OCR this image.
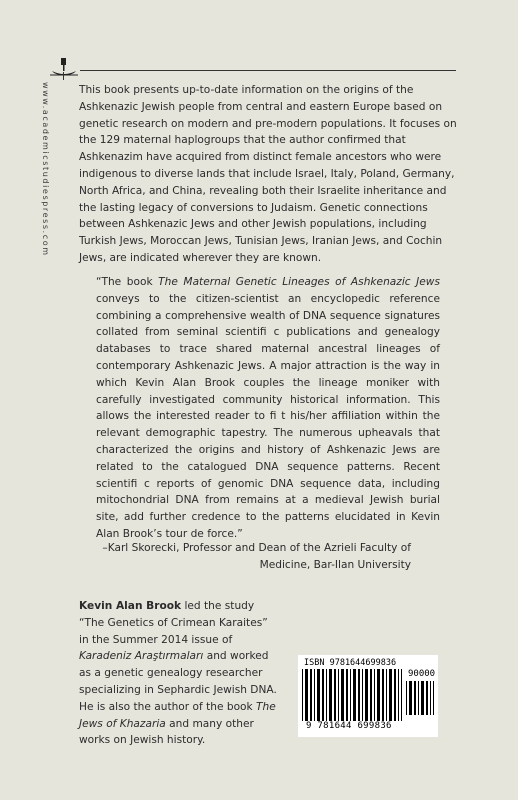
www.academicstudiespress.com	This book presents up-to-date information on the origins of the Ashkenazic Jewish people from central and eastern Europe based on genetic research on modern and pre-modern populations. It focuses on the 129 maternal haplogroups that the author confirmed that Ashkenazim have acquired from distinct female ancestors who were indigenous to diverse lands that include Israel, Italy, Poland, Germany, North Africa, and China, revealing both their Israelite inheritance and the lasting legacy of conversions to Judaism. Genetic connections between Ashkenazic Jews and other Jewish populations, including Turkish Jews, Moroccan Jews, Tunisian Jews, Iranian Jews, and Cochin Jews, are indicated wherever they are known.

“The book The Maternal Genetic Lineages of Ashkenazic Jews conveys to the citizen-scientist an encyclopedic reference combining a comprehensive wealth of DNA sequence signatures collated from seminal scientifi c publications and genealogy databases to trace shared maternal ancestral lineages of contemporary Ashkenazic Jews. A major attraction is the way in which Kevin Alan Brook couples the lineage moniker with carefully investigated community historical information. This allows the interested reader to fi t his/her affiliation within the relevant demographic tapestry. The numerous upheavals that characterized the origins and history of Ashkenazic Jews are related to the catalogued DNA sequence patterns. Recent scientifi c reports of genomic DNA sequence data, including mitochondrial DNA from remains at a medieval Jewish burial site, add further credence to the patterns elucidated in Kevin Alan Brook’s tour de force.”

–Karl Skorecki, Professor and Dean of the Azrieli Faculty of Medicine, Bar-Ilan University

Kevin Alan Brook led the study “The Genetics of Crimean Karaites” in the Summer 2014 issue of Karadeniz Araştırmaları and worked as a genetic genealogy researcher specializing in Sephardic Jewish DNA. He is also the author of the book The Jews of Khazaria and many other works on Jewish history.

ISBN 9781644699836
90000
9 781644 699836
